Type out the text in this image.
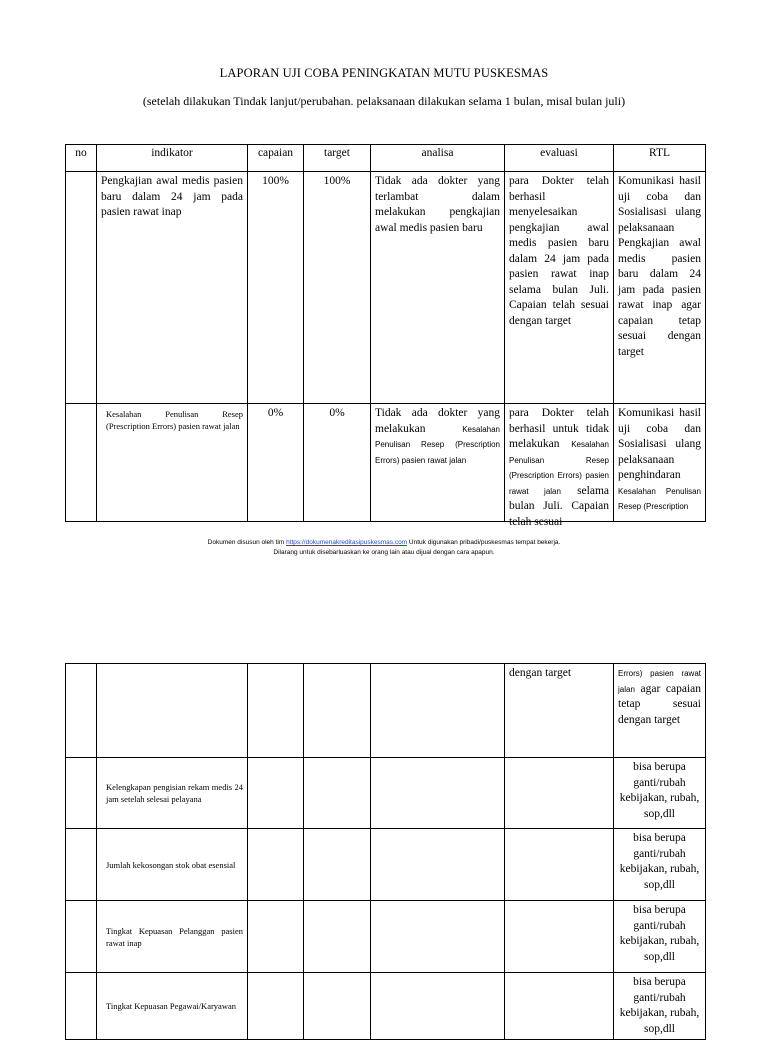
LAPORAN UJI COBA PENINGKATAN MUTU PUSKESMAS
(setelah dilakukan Tindak lanjut/perubahan. pelaksanaan dilakukan selama 1 bulan, misal bulan juli)
no	indikator	capaian	target	analisa	evaluasi	RTL
	Pengkajian awal medis pasien baru dalam 24 jam pada pasien rawat inap	100%	100%	Tidak ada dokter yang terlambat dalam melakukan pengkajian awal medis pasien baru	para Dokter telah berhasil menyelesaikan pengkajian awal medis pasien baru dalam 24 jam pada pasien rawat inap selama bulan Juli. Capaian telah sesuai dengan target	Komunikasi hasil uji coba dan Sosialisasi ulang pelaksanaan Pengkajian awal medis pasien baru dalam 24 jam pada pasien rawat inap agar capaian tetap sesuai dengan target
	Kesalahan Penulisan Resep (Prescription Errors) pasien rawat jalan	0%	0%	Tidak ada dokter yang melakukan Kesalahan Penulisan Resep (Prescription Errors) pasien rawat jalan	para Dokter telah berhasil untuk tidak melakukan Kesalahan Penulisan Resep (Prescription Errors) pasien rawat jalan selama bulan Juli. Capaian telah sesuai	Komunikasi hasil uji coba dan Sosialisasi ulang pelaksanaan penghindaran Kesalahan Penulisan Resep (Prescription
Dokumen disusun oleh tim https://dokumenakreditasipuskesmas.com Untuk digunakan pribadi/puskesmas tempat bekerja.
Dilarang untuk disebarluaskan ke orang lain atau dijual dengan cara apapun.
					dengan target	Errors) pasien rawat jalan agar capaian tetap sesuai dengan target
	Kelengkapan pengisian rekam medis 24 jam setelah selesai pelayana					bisa berupa ganti/rubah kebijakan, rubah, sop,dll
	Jumlah kekosongan stok obat esensial					bisa berupa ganti/rubah kebijakan, rubah, sop,dll
	Tingkat Kepuasan Pelanggan pasien rawat inap					bisa berupa ganti/rubah kebijakan, rubah, sop,dll
	Tingkat Kepuasan Pegawai/Karyawan					bisa berupa ganti/rubah kebijakan, rubah, sop,dll
